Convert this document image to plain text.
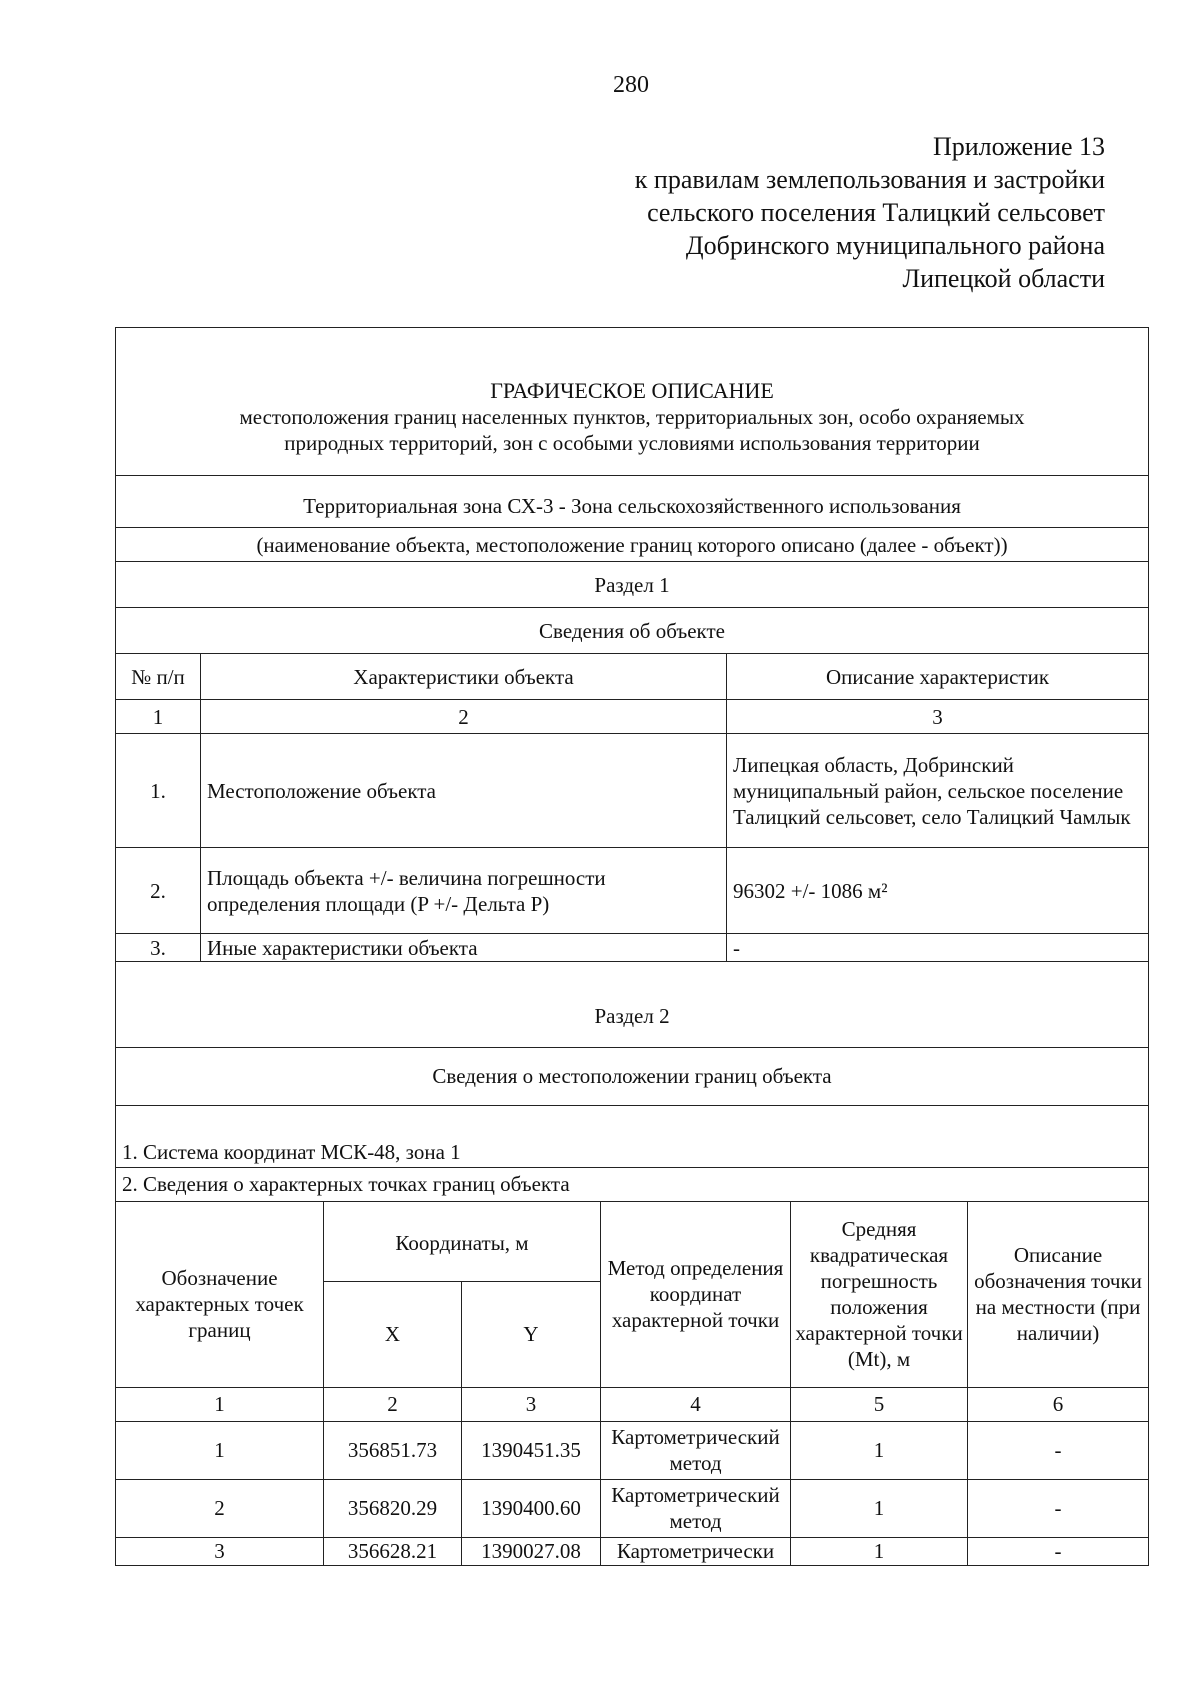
280
Приложение 13
к правилам землепользования и застройки
сельского поселения Талицкий сельсовет
Добринского муниципального района
Липецкой области
ГРАФИЧЕСКОЕ ОПИСАНИЕ
местоположения границ населенных пунктов, территориальных зон, особо охраняемых
природных территорий, зон с особыми условиями использования территории		

Территориальная зона СХ-3 - Зона сельскохозяйственного использования		
(наименование объекта, местоположение границ которого описано (далее - объект))		
Раздел 1		
Сведения об объекте		
№ п/п	Характеристики объекта	Описание характеристик
1	2	3
1.	Местоположение объекта	Липецкая область, Добринский муниципальный район, сельское поселение Талицкий сельсовет, село Талицкий Чамлык
2.	Площадь объекта +/- величина погрешности определения площади (P +/- Дельта P)	96302 +/- 1086 м²
3.	Иные характеристики объекта	-
Раздел 2					
Сведения о местоположении границ объекта					
1. Система координат МСК-48, зона 1					
2. Сведения о характерных точках границ объекта					
Обозначение характерных точек границ	Координаты, м		Метод определения координат характерной точки	Средняя квадратическая погрешность положения характерной точки (Mt), м	Описание обозначения точки на местности (при наличии)
	X	Y			
1	2	3	4	5	6
1	356851.73	1390451.35	Картометрический метод	1	-
2	356820.29	1390400.60	Картометрический метод	1	-
3	356628.21	1390027.08	Картометрически	1	-
